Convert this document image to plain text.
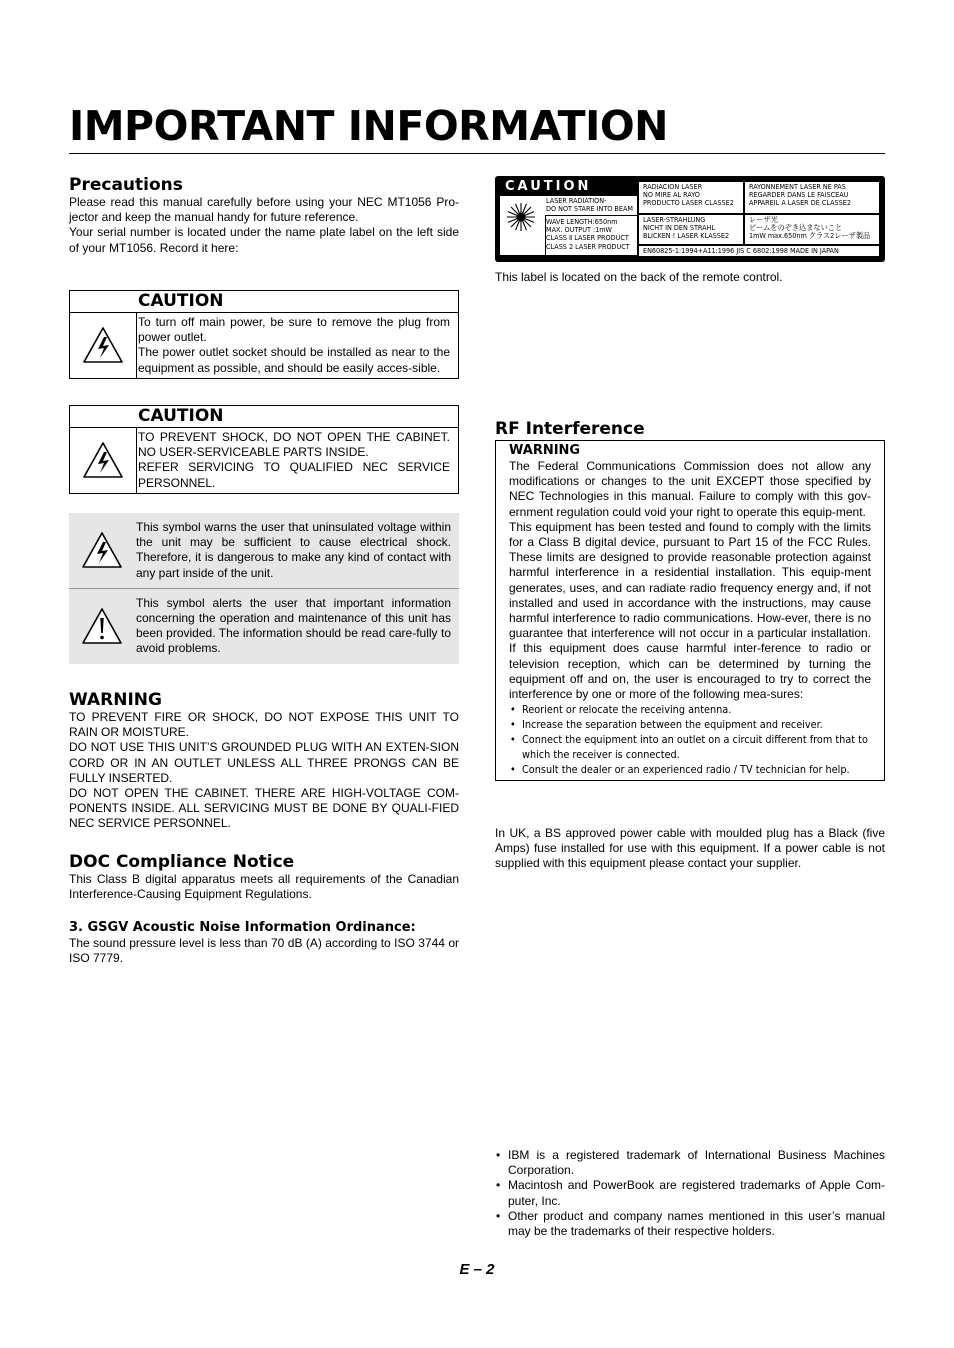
IMPORTANT INFORMATION
Precautions

Please read this manual carefully before using your NEC MT1056 Pro-jector and keep the manual handy for future reference.

Your serial number is located under the name plate label on the left side of your MT1056. Record it here:

CAUTION

To turn off main power, be sure to remove the plug from power outlet.

The power outlet socket should be installed as near to the equipment as possible, and should be easily acces-sible.

CAUTION

TO PREVENT SHOCK, DO NOT OPEN THE CABINET. NO USER-SERVICEABLE PARTS INSIDE.

REFER SERVICING TO QUALIFIED NEC SERVICE PERSONNEL.

This symbol warns the user that uninsulated voltage within the unit may be sufficient to cause electrical shock. Therefore, it is dangerous to make any kind of contact with any part inside of the unit.

This symbol alerts the user that important information concerning the operation and maintenance of this unit has been provided. The information should be read care-fully to avoid problems.

WARNING

TO PREVENT FIRE OR SHOCK, DO NOT EXPOSE THIS UNIT TO RAIN OR MOISTURE.

DO NOT USE THIS UNIT’S GROUNDED PLUG WITH AN EXTEN-SION CORD OR IN AN OUTLET UNLESS ALL THREE PRONGS CAN BE FULLY INSERTED.

DO NOT OPEN THE CABINET. THERE ARE HIGH-VOLTAGE COM-PONENTS INSIDE. ALL SERVICING MUST BE DONE BY QUALI-FIED NEC SERVICE PERSONNEL.

DOC Compliance Notice

This Class B digital apparatus meets all requirements of the Canadian Interference-Causing Equipment Regulations.

3. GSGV Acoustic Noise Information Ordinance:

The sound pressure level is less than 70 dB (A) according to ISO 3744 or ISO 7779.

CAUTION
LASER RADIATION-
DO NOT STARE INTO BEAM
WAVE LENGTH:650nm
MAX. OUTPUT :1mW
CLASS Ⅱ LASER PRODUCT
CLASS 2 LASER PRODUCT
RADIACION LASER
NO MIRE AL RAYO
PRODUCTO LASER CLASSE2
LASER-STRAHLUNG
NICHT IN DEN STRAHL
BLICKEN ! LASER KLASSE2
RAYONNEMENT LASER NE PAS
REGARDER DANS LE FAISCEAU
APPAREIL A LASER DE CLASSE2
レーザ光
ビームをのぞき込まないこと
1mW max.650nm クラス2レーザ製品
EN60825-1:1994+A11:1996 JIS C 6802:1998 MADE IN JAPAN
This label is located on the back of the remote control.
RF Interference
WARNING

The Federal Communications Commission does not allow any modifications or changes to the unit EXCEPT those specified by NEC Technologies in this manual. Failure to comply with this gov-ernment regulation could void your right to operate this equip-ment.

This equipment has been tested and found to comply with the limits for a Class B digital device, pursuant to Part 15 of the FCC Rules. These limits are designed to provide reasonable protection against harmful interference in a residential installation. This equip-ment generates, uses, and can radiate radio frequency energy and, if not installed and used in accordance with the instructions, may cause harmful interference to radio communications. How-ever, there is no guarantee that interference will not occur in a particular installation. If this equipment does cause harmful inter-ference to radio or television reception, which can be determined by turning the equipment off and on, the user is encouraged to try to correct the interference by one or more of the following mea-sures:

• Reorient or relocate the receiving antenna.
• Increase the separation between the equipment and receiver.
• Connect the equipment into an outlet on a circuit different from that to which the receiver is connected.
• Consult the dealer or an experienced radio / TV technician for help.

In UK, a BS approved power cable with moulded plug has a Black (five Amps) fuse installed for use with this equipment. If a power cable is not supplied with this equipment please contact your supplier.

• IBM is a registered trademark of International Business Machines Corporation.

• Macintosh and PowerBook are registered trademarks of Apple Com-puter, Inc.

• Other product and company names mentioned in this user’s manual may be the trademarks of their respective holders.

E – 2
